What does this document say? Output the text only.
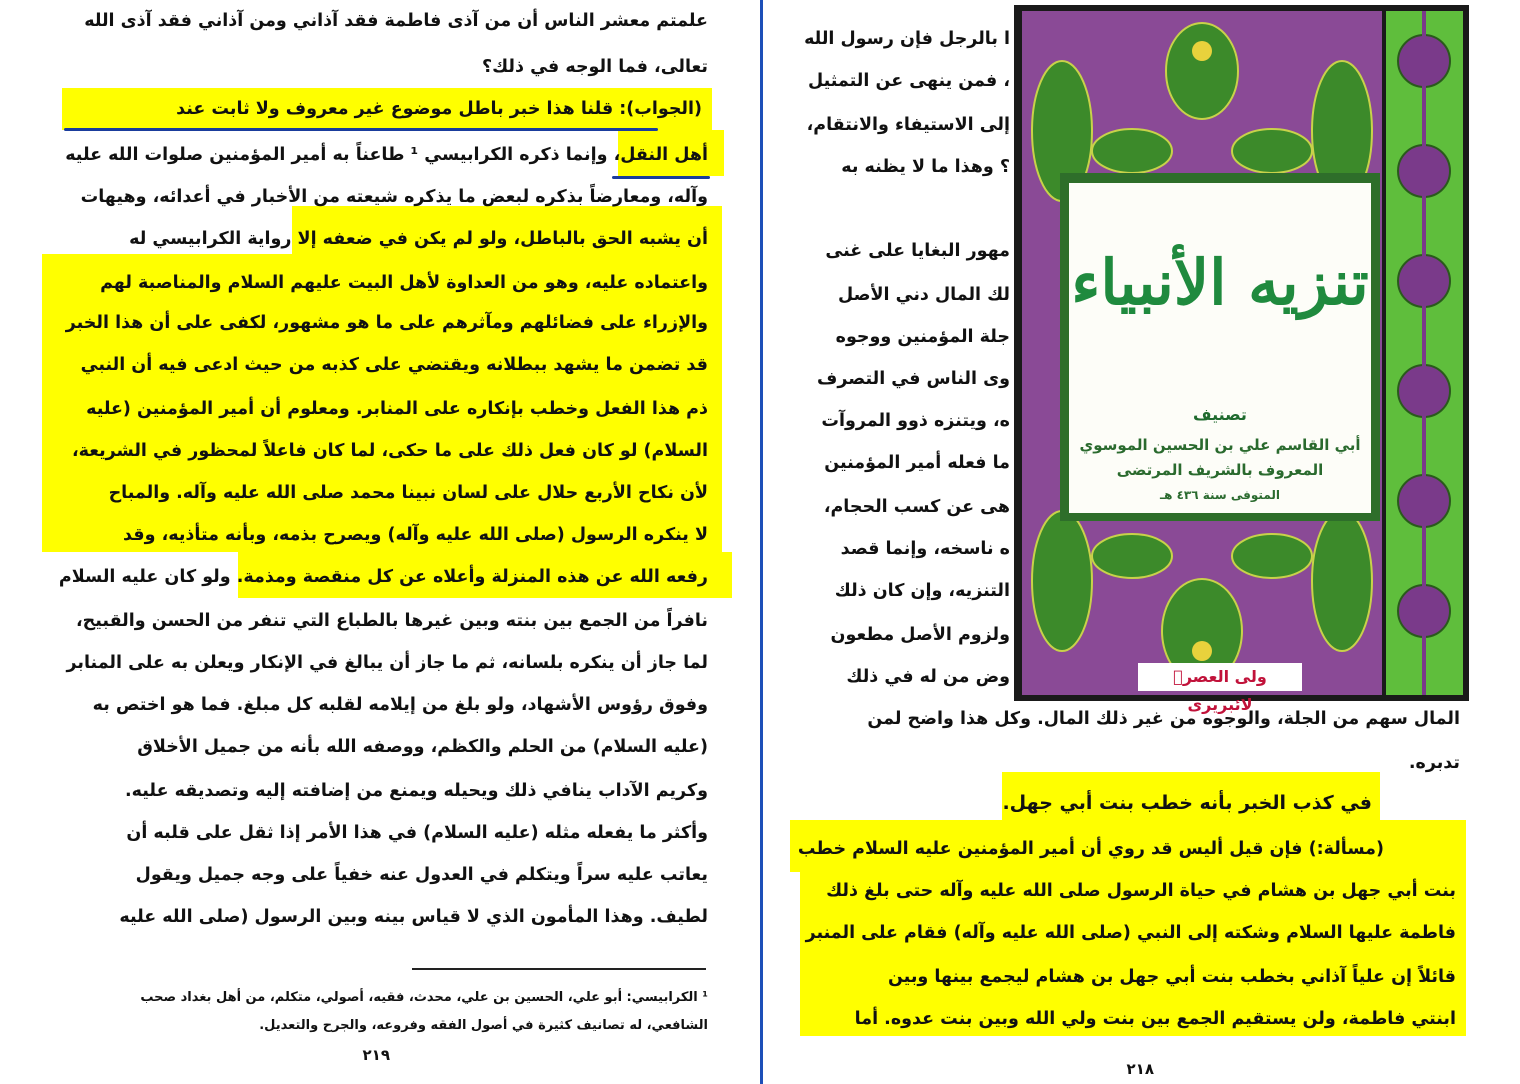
علمتم معشر الناس أن من آذى فاطمة فقد آذاني ومن آذاني فقد آذى الله
تعالى، فما الوجه في ذلك؟
(الجواب): قلنا هذا خبر باطل موضوع غير معروف ولا ثابت عند
أهل النقل، وإنما ذكره الكرابيسي ¹ طاعناً به أمير المؤمنين صلوات الله عليه
وآله، ومعارضاً بذكره لبعض ما يذكره شيعته من الأخبار في أعدائه، وهيهات
أن يشبه الحق بالباطل، ولو لم يكن في ضعفه إلا رواية الكرابيسي له
واعتماده عليه، وهو من العداوة لأهل البيت عليهم السلام والمناصبة لهم
والإزراء على فضائلهم ومآثرهم على ما هو مشهور، لكفى على أن هذا الخبر
قد تضمن ما يشهد ببطلانه ويقتضي على كذبه من حيث ادعى فيه أن النبي
ذم هذا الفعل وخطب بإنكاره على المنابر. ومعلوم أن أمير المؤمنين (عليه
السلام) لو كان فعل ذلك على ما حكى، لما كان فاعلاً لمحظور في الشريعة،
لأن نكاح الأربع حلال على لسان نبينا محمد صلى الله عليه وآله. والمباح
لا ينكره الرسول (صلى الله عليه وآله) ويصرح بذمه، وبأنه متأذيه، وقد
رفعه الله عن هذه المنزلة وأعلاه عن كل منقصة ومذمة. ولو كان عليه السلام
نافراً من الجمع بين بنته وبين غيرها بالطباع التي تنفر من الحسن والقبيح،
لما جاز أن ينكره بلسانه، ثم ما جاز أن يبالغ في الإنكار ويعلن به على المنابر
وفوق رؤوس الأشهاد، ولو بلغ من إيلامه لقلبه كل مبلغ. فما هو اختص به
(عليه السلام) من الحلم والكظم، ووصفه الله بأنه من جميل الأخلاق
وكريم الآداب ينافي ذلك ويحيله ويمنع من إضافته إليه وتصديقه عليه.
وأكثر ما يفعله مثله (عليه السلام) في هذا الأمر إذا ثقل على قلبه أن
يعاتب عليه سراً ويتكلم في العدول عنه خفياً على وجه جميل ويقول
لطيف. وهذا المأمون الذي لا قياس بينه وبين الرسول (صلى الله عليه
¹ الكرابيسي: أبو علي، الحسين بن علي، محدث، فقيه، أصولي، متكلم، من أهل بغداد صحب
الشافعي، له تصانيف كثيرة في أصول الفقه وفروعه، والجرح والتعديل.
٢١٩
ا بالرجل فإن رسول الله
، فمن ينهى عن التمثيل
إلى الاستيفاء والانتقام،
؟ وهذا ما لا يظنه به
مهور البغايا على غنى
لك المال دني الأصل
جلة المؤمنين ووجوه
وى الناس في التصرف
ه، ويتنزه ذوو المروآت
ما فعله أمير المؤمنين
هى عن كسب الحجام،
ه ناسخه، وإنما قصد
التنزيه، وإن كان ذلك
ولزوم الأصل مطعون
وض من له في ذلك
المال سهم من الجلة، والوجوه من غير ذلك المال. وكل هذا واضح لمن
تدبره.
في كذب الخبر بأنه خطب بنت أبي جهل.
(مسألة:) فإن قيل أليس قد روي أن أمير المؤمنين عليه السلام خطب
بنت أبي جهل بن هشام في حياة الرسول صلى الله عليه وآله حتى بلغ ذلك
فاطمة عليها السلام وشكته إلى النبي (صلى الله عليه وآله) فقام على المنبر
قائلاً إن علياً آذاني بخطب بنت أبي جهل بن هشام ليجمع بينها وبين
ابنتي فاطمة، ولن يستقيم الجمع بين بنت ولي الله وبين بنت عدوه. أما
٢١٨
تنزيه الأنبياء
تصنيف
أبي القاسم علي بن الحسين الموسوي
المعروف بالشريف المرتضى
المتوفى سنة ٤٣٦ هـ
ولی العصرؑ لائبریری
